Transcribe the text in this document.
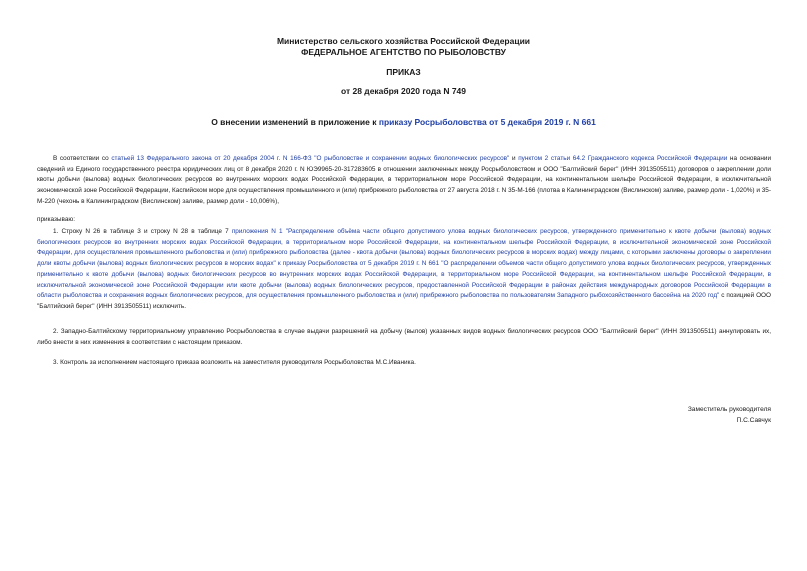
Министерство сельского хозяйства Российской Федерации
ФЕДЕРАЛЬНОЕ АГЕНТСТВО ПО РЫБОЛОВСТВУ
ПРИКАЗ
от 28 декабря 2020 года N 749
О внесении изменений в приложение к приказу Росрыболовства от 5 декабря 2019 г. N 661
В соответствии со статьей 13 Федерального закона от 20 декабря 2004 г. N 166-ФЗ "О рыболовстве и сохранении водных биологических ресурсов" и пунктом 2 статьи 64.2 Гражданского кодекса Российской Федерации на основании сведений из Единого государственного реестра юридических лиц от 8 декабря 2020 г. N ЮЭ9965-20-317283605 в отношении заключенных между Росрыболовством и ООО "Балтийский берег" (ИНН 3913505511) договоров о закреплении доли квоты добычи (вылова) водных биологических ресурсов во внутренних морских водах Российской Федерации, в территориальном море Российской Федерации, на континентальном шельфе Российской Федерации, в исключительной экономической зоне Российской Федерации, Каспийском море для осуществления промышленного и (или) прибрежного рыболовства от 27 августа 2018 г. N 35-М-166 (плотва в Калининградском (Вислинском) заливе, размер доли - 1,020%) и 35-М-220 (чехонь в Калининградском (Вислинском) заливе, размер доли - 10,006%),
приказываю:
1. Строку N 26 в таблице 3 и строку N 28 в таблице 7 приложения N 1 "Распределение объёма части общего допустимого улова водных биологических ресурсов, утвержденного применительно к квоте добычи (вылова) водных биологических ресурсов во внутренних морских водах Российской Федерации, в территориальном море Российской Федерации, на континентальном шельфе Российской Федерации, в исключительной экономической зоне Российской Федерации, для осуществления промышленного рыболовства и (или) прибрежного рыболовства (далее - квота добычи (вылова) водных биологических ресурсов в морских водах) между лицами, с которыми заключены договоры о закреплении доли квоты добычи (вылова) водных биологических ресурсов в морских водах" к приказу Росрыболовства от 5 декабря 2019 г. N 661 "О распределении объемов части общего допустимого улова водных биологических ресурсов, утвержденных применительно к квоте добычи (вылова) водных биологических ресурсов во внутренних морских водах Российской Федерации, в территориальном море Российской Федерации, на континентальном шельфе Российской Федерации, в исключительной экономической зоне Российской Федерации или квоте добычи (вылова) водных биологических ресурсов, предоставленной Российской Федерации в районах действия международных договоров Российской Федерации в области рыболовства и сохранения водных биологических ресурсов, для осуществления промышленного рыболовства и (или) прибрежного рыболовства по пользователям Западного рыбохозяйственного бассейна на 2020 год" с позицией ООО "Балтийский берег" (ИНН 3913505511) исключить.
2. Западно-Балтийскому территориальному управлению Росрыболовства в случае выдачи разрешений на добычу (вылов) указанных видов водных биологических ресурсов ООО "Балтийский берег" (ИНН 3913505511) аннулировать их, либо внести в них изменения в соответствии с настоящим приказом.
3. Контроль за исполнением настоящего приказа возложить на заместителя руководителя Росрыболовства М.С.Иваника.
Заместитель руководителя
П.С.Савчук
